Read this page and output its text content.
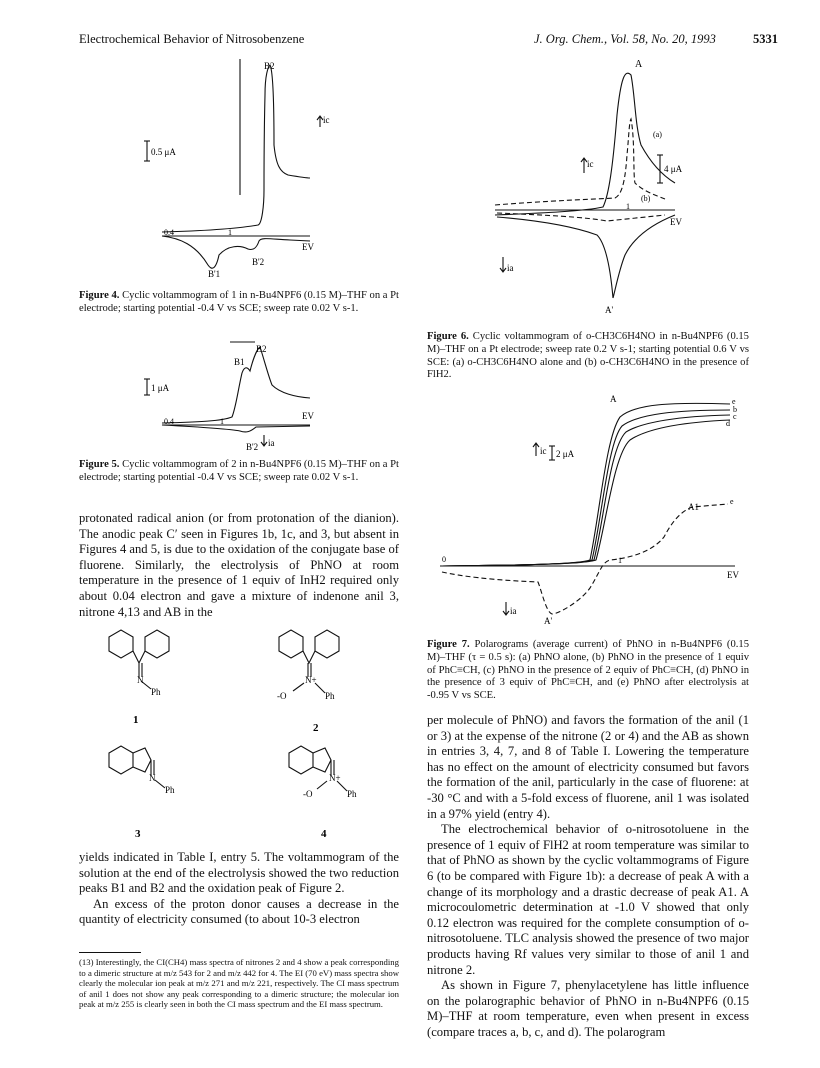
Electrochemical Behavior of Nitrosobenzene	J. Org. Chem., Vol. 58, No. 20, 1993	5331
B2
ic
0.5 μA
0.4	1
EV
B'1
B'2
Figure 4. Cyclic voltammogram of 1 in n-Bu4NPF6 (0.15 M)–THF on a Pt electrode; starting potential -0.4 V vs SCE; sweep rate 0.02 V s-1.
B1
B2
1 μA
0.4	1
EV
B'2 ia
Figure 5. Cyclic voltammogram of 2 in n-Bu4NPF6 (0.15 M)–THF on a Pt electrode; starting potential -0.4 V vs SCE; sweep rate 0.02 V s-1.

protonated radical anion (or from protonation of the dianion). The anodic peak C′ seen in Figures 1b, 1c, and 3, but absent in Figures 4 and 5, is due to the oxidation of the conjugate base of fluorene. Similarly, the electrolysis of PhNO at room temperature in the presence of 1 equiv of InH2 required only about 0.04 electron and gave a mixture of indenone anil 3, nitrone 4,13 and AB in the

N
Ph
N+
-O	Ph
N
Ph
N+
-O	Ph
1
2
3	4

yields indicated in Table I, entry 5. The voltammogram of the solution at the end of the electrolysis showed the two reduction peaks B1 and B2 and the oxidation peak of Figure 2.

An excess of the proton donor causes a decrease in the quantity of electricity consumed (to about 10-3 electron

(13) Interestingly, the CI(CH4) mass spectra of nitrones 2 and 4 show a peak corresponding to a dimeric structure at m/z 543 for 2 and m/z 442 for 4. The EI (70 eV) mass spectra show clearly the molecular ion peak at m/z 271 and m/z 221, respectively. The CI mass spectrum of anil 1 does not show any peak corresponding to a dimeric structure; the molecular ion peak at m/z 255 is clearly seen in both the CI mass spectrum and the EI mass spectrum.
A
ic
(a)
4 μA
(b)
1
EV
ia
A'
Figure 6. Cyclic voltammogram of o-CH3C6H4NO in n-Bu4NPF6 (0.15 M)–THF on a Pt electrode; sweep rate 0.2 V s-1; starting potential 0.6 V vs SCE: (a) o-CH3C6H4NO alone and (b) o-CH3C6H4NO in the presence of FlH2.
A	e
b
c
d
ic 2 μA
A1
e
0	1
EV
ia
A'
Figure 7. Polarograms (average current) of PhNO in n-Bu4NPF6 (0.15 M)–THF (τ = 0.5 s): (a) PhNO alone, (b) PhNO in the presence of 1 equiv of PhC≡CH, (c) PhNO in the presence of 2 equiv of PhC≡CH, (d) PhNO in the presence of 3 equiv of PhC≡CH, and (e) PhNO after electrolysis at -0.95 V vs SCE.

per molecule of PhNO) and favors the formation of the anil (1 or 3) at the expense of the nitrone (2 or 4) and the AB as shown in entries 3, 4, 7, and 8 of Table I. Lowering the temperature has no effect on the amount of electricity consumed but favors the formation of the anil, particularly in the case of fluorene: at -30 °C and with a 5-fold excess of fluorene, anil 1 was isolated in a 97% yield (entry 4).

The electrochemical behavior of o-nitrosotoluene in the presence of 1 equiv of FlH2 at room temperature was similar to that of PhNO as shown by the cyclic voltammograms of Figure 6 (to be compared with Figure 1b): a decrease of peak A with a change of its morphology and a drastic decrease of peak A1. A microcoulometric determination at -1.0 V showed that only 0.12 electron was required for the complete consumption of o-nitrosotoluene. TLC analysis showed the presence of two major products having Rf values very similar to those of anil 1 and nitrone 2.

As shown in Figure 7, phenylacetylene has little influence on the polarographic behavior of PhNO in n-Bu4NPF6 (0.15 M)–THF at room temperature, even when present in excess (compare traces a, b, c, and d). The polarogram
